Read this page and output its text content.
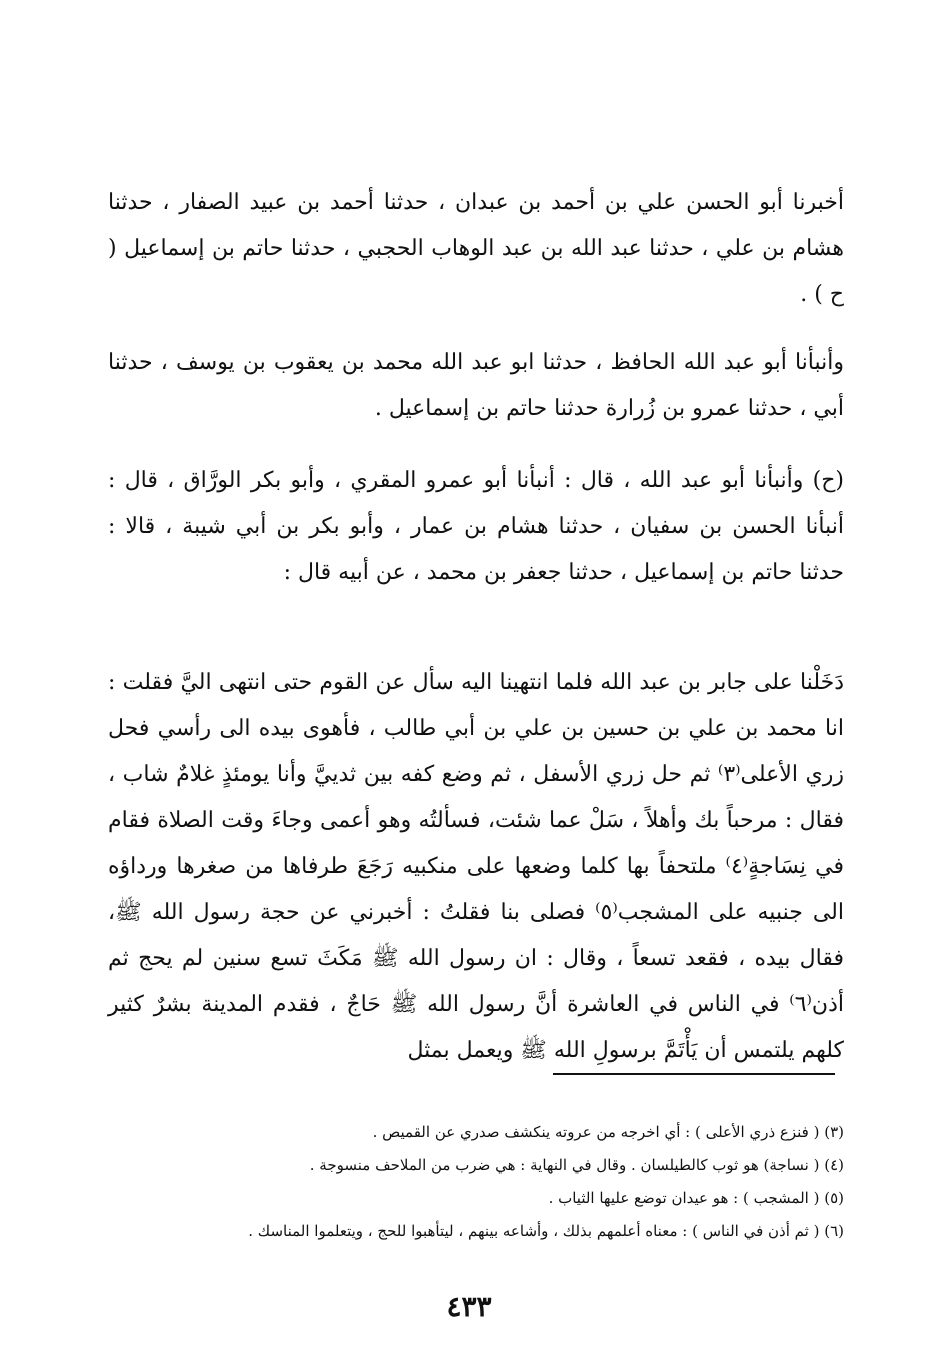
أخبرنا أبو الحسن علي بن أحمد بن عبدان ، حدثنا أحمد بن عبيد الصفار ، حدثنا هشام بن علي ، حدثنا عبد الله بن عبد الوهاب الحجبي ، حدثنا حاتم بن إسماعيل ( ح ) .

وأنبأنا أبو عبد الله الحافظ ، حدثنا ابو عبد الله محمد بن يعقوب بن يوسف ، حدثنا أبي ، حدثنا عمرو بن زُرارة حدثنا حاتم بن إسماعيل .

(ح) وأنبأنا أبو عبد الله ، قال : أنبأنا أبو عمرو المقري ، وأبو بكر الورَّاق ، قال : أنبأنا الحسن بن سفيان ، حدثنا هشام بن عمار ، وأبو بكر بن أبي شيبة ، قالا : حدثنا حاتم بن إسماعيل ، حدثنا جعفر بن محمد ، عن أبيه قال :

دَخَلْنا على جابر بن عبد الله فلما انتهينا اليه سأل عن القوم حتى انتهى اليَّ فقلت : انا محمد بن علي بن حسين بن علي بن أبي طالب ، فأهوى بيده الى رأسي فحل زري الأعلى⁽٣⁾ ثم حل زري الأسفل ، ثم وضع كفه بين ثدييَّ وأنا يومئذٍ غلامٌ شاب ، فقال : مرحباً بك وأهلاً ، سَلْ عما شئت، فسألتُه وهو أعمى وجاءَ وقت الصلاة فقام في نِسَاجةٍ⁽٤⁾ ملتحفاً بها كلما وضعها على منكبيه رَجَعَ طرفاها من صغرها ورداؤه الى جنبيه على المشجب⁽٥⁾ فصلى بنا فقلتُ : أخبرني عن حجة رسول الله ﷺ، فقال بيده ، فقعد تسعاً ، وقال : ان رسول الله ﷺ مَكَثَ تسع سنين لم يحج ثم أذن⁽٦⁾ في الناس في العاشرة أنَّ رسول الله ﷺ حَاجٌ ، فقدم المدينة بشرٌ كثير كلهم يلتمس أن يَأْتَمَّ برسولِ الله ﷺ ويعمل بمثل

(٣) ( فنزع ذري الأعلى ) : أي اخرجه من عروته ينكشف صدري عن القميص .
(٤) ( نساجة) هو ثوب كالطيلسان . وقال في النهاية : هي ضرب من الملاحف منسوجة .
(٥) ( المشجب ) : هو عيدان توضع عليها الثياب .
(٦) ( ثم أذن في الناس ) : معناه أعلمهم بذلك ، وأشاعه بينهم ، ليتأهبوا للحج ، ويتعلموا المناسك .
٤٣٣
